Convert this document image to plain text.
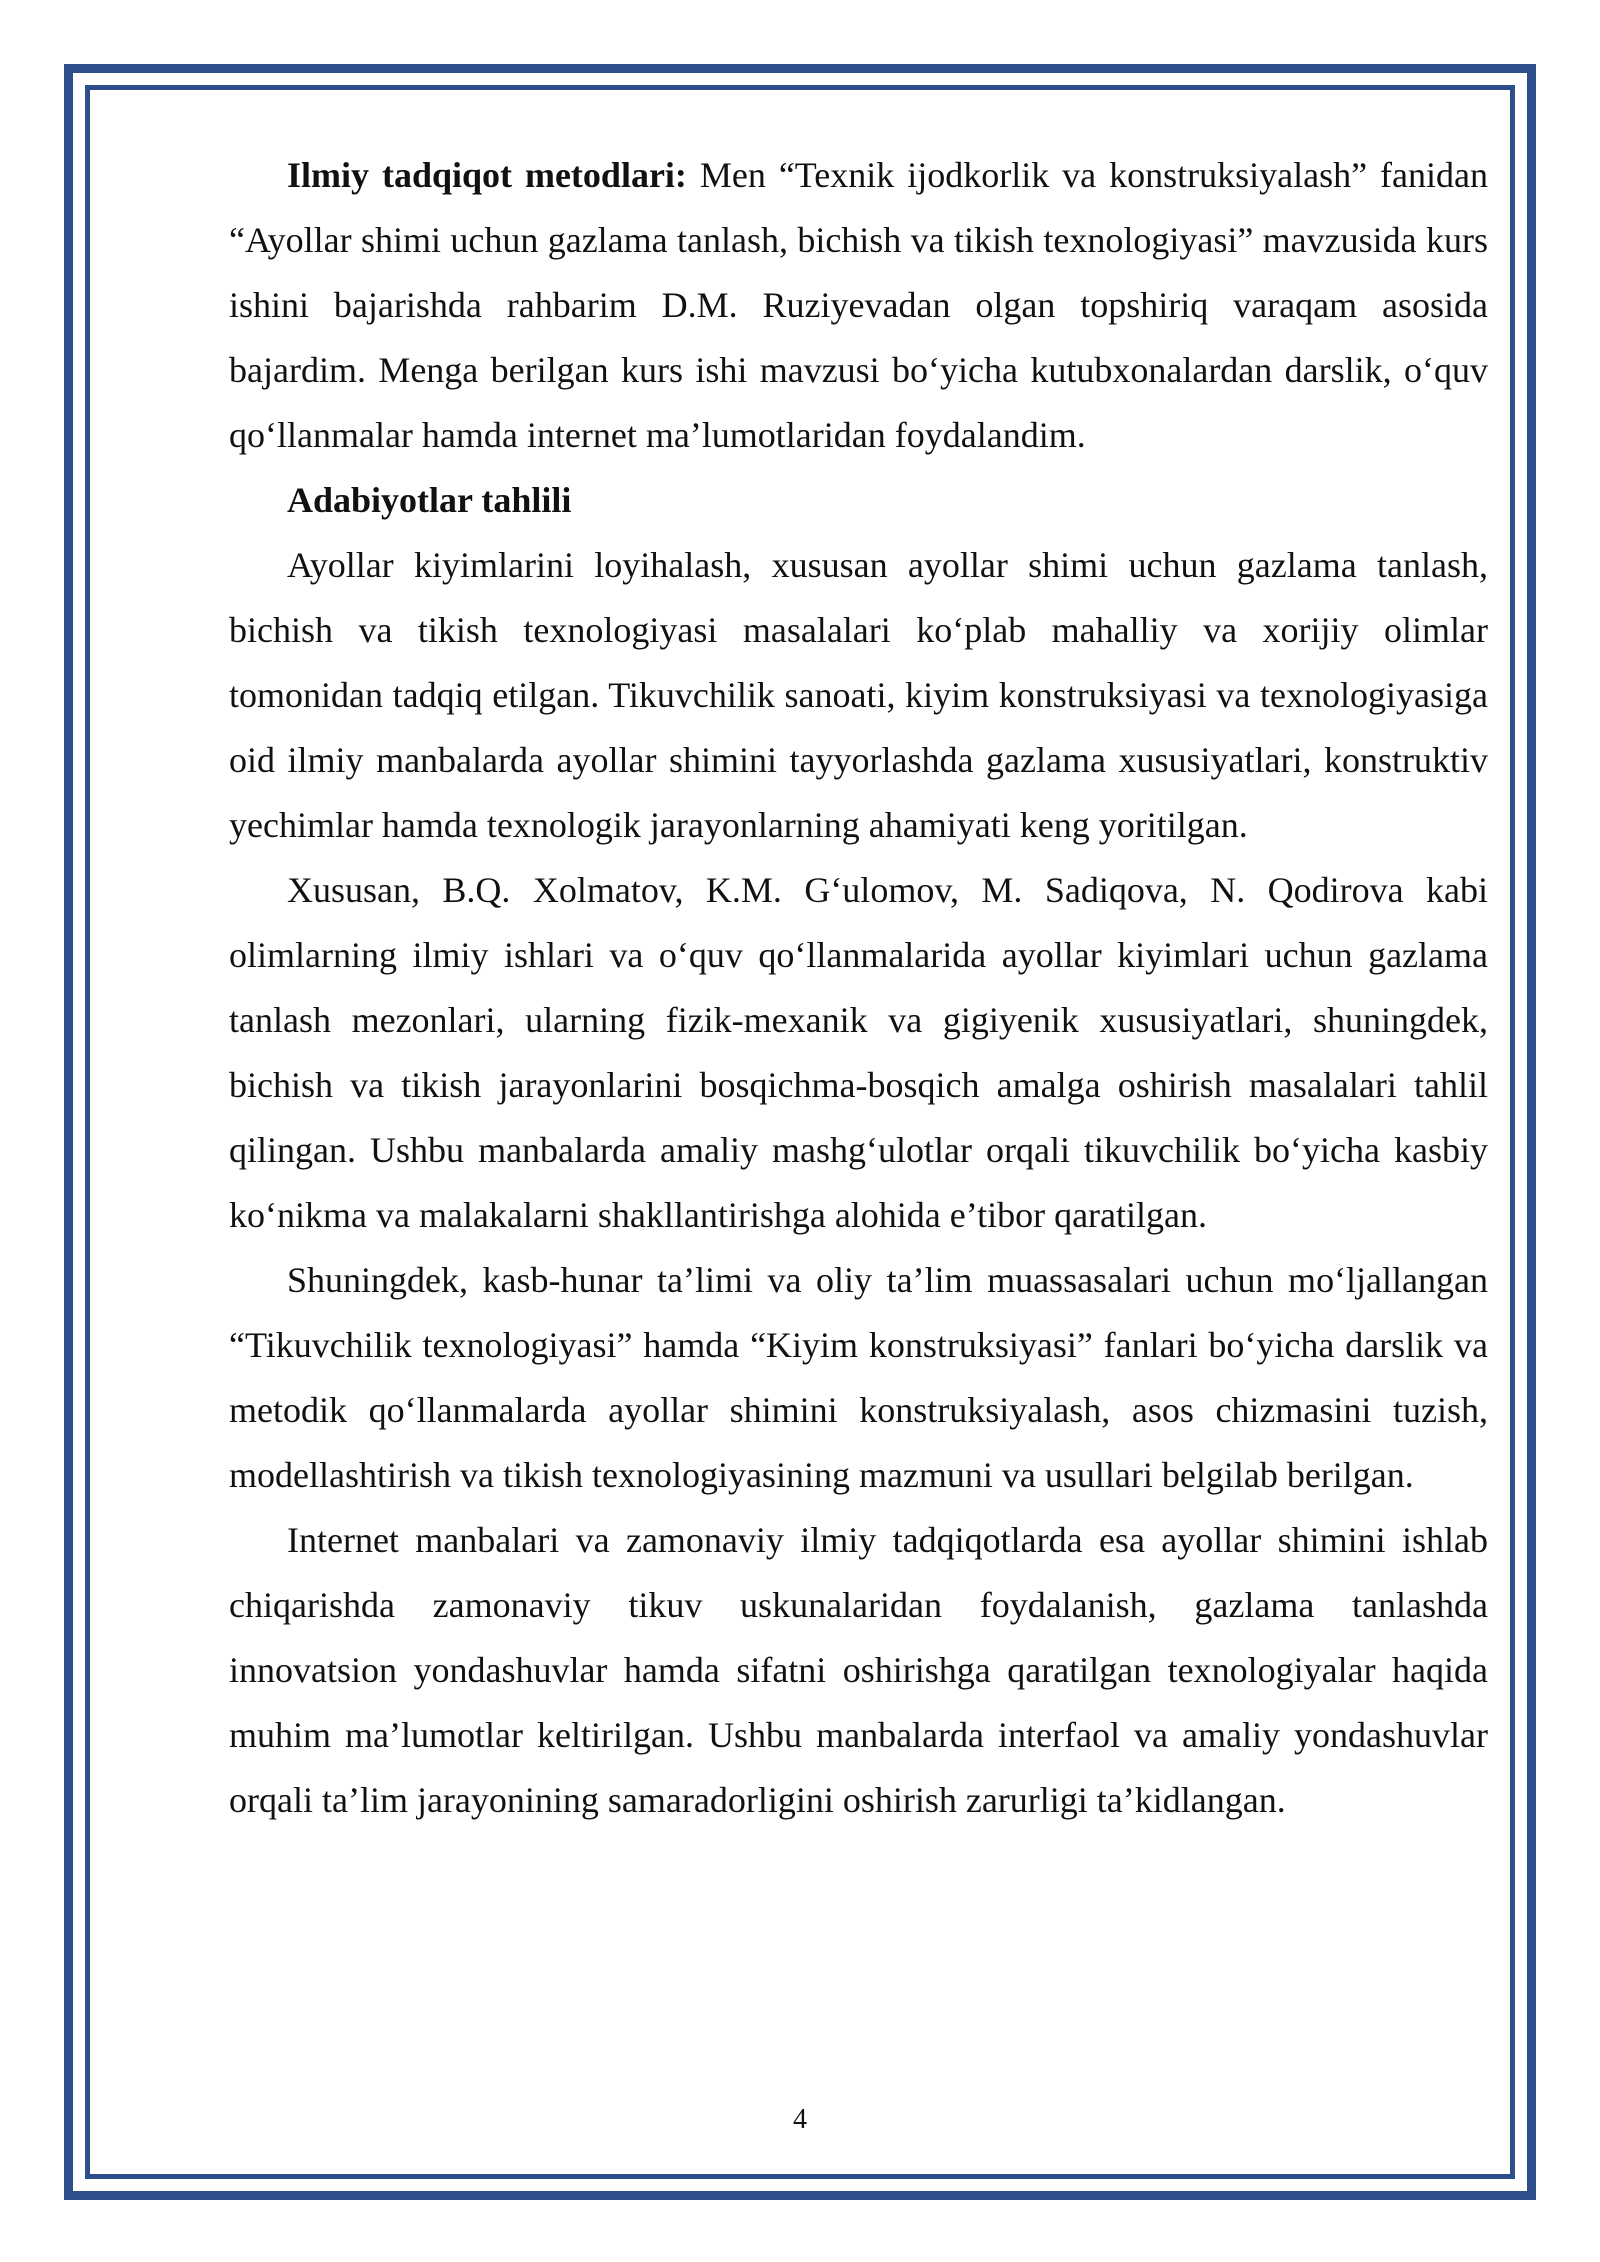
Ilmiy tadqiqot metodlari: Men “Texnik ijodkorlik va konstruksiyalash” fanidan “Ayollar shimi uchun gazlama tanlash, bichish va tikish texnologiyasi” mavzusida kurs ishini bajarishda rahbarim D.M. Ruziyevadan olgan topshiriq varaqam asosida bajardim. Menga berilgan kurs ishi mavzusi bo‘yicha kutubxonalardan darslik, o‘quv qo‘llanmalar hamda internet ma’lumotlaridan foydalandim.

Adabiyotlar tahlili

Ayollar kiyimlarini loyihalash, xususan ayollar shimi uchun gazlama tanlash, bichish va tikish texnologiyasi masalalari ko‘plab mahalliy va xorijiy olimlar tomonidan tadqiq etilgan. Tikuvchilik sanoati, kiyim konstruksiyasi va texnologiyasiga oid ilmiy manbalarda ayollar shimini tayyorlashda gazlama xususiyatlari, konstruktiv yechimlar hamda texnologik jarayonlarning ahamiyati keng yoritilgan.

Xususan, B.Q. Xolmatov, K.M. G‘ulomov, M. Sadiqova, N. Qodirova kabi olimlarning ilmiy ishlari va o‘quv qo‘llanmalarida ayollar kiyimlari uchun gazlama tanlash mezonlari, ularning fizik-mexanik va gigiyenik xususiyatlari, shuningdek, bichish va tikish jarayonlarini bosqichma-bosqich amalga oshirish masalalari tahlil qilingan. Ushbu manbalarda amaliy mashg‘ulotlar orqali tikuvchilik bo‘yicha kasbiy ko‘nikma va malakalarni shakllantirishga alohida e’tibor qaratilgan.

Shuningdek, kasb-hunar ta’limi va oliy ta’lim muassasalari uchun mo‘ljallangan “Tikuvchilik texnologiyasi” hamda “Kiyim konstruksiyasi” fanlari bo‘yicha darslik va metodik qo‘llanmalarda ayollar shimini konstruksiyalash, asos chizmasini tuzish, modellashtirish va tikish texnologiyasining mazmuni va usullari belgilab berilgan.

Internet manbalari va zamonaviy ilmiy tadqiqotlarda esa ayollar shimini ishlab chiqarishda zamonaviy tikuv uskunalaridan foydalanish, gazlama tanlashda innovatsion yondashuvlar hamda sifatni oshirishga qaratilgan texnologiyalar haqida muhim ma’lumotlar keltirilgan. Ushbu manbalarda interfaol va amaliy yondashuvlar orqali ta’lim jarayonining samaradorligini oshirish zarurligi ta’kidlangan.

4
